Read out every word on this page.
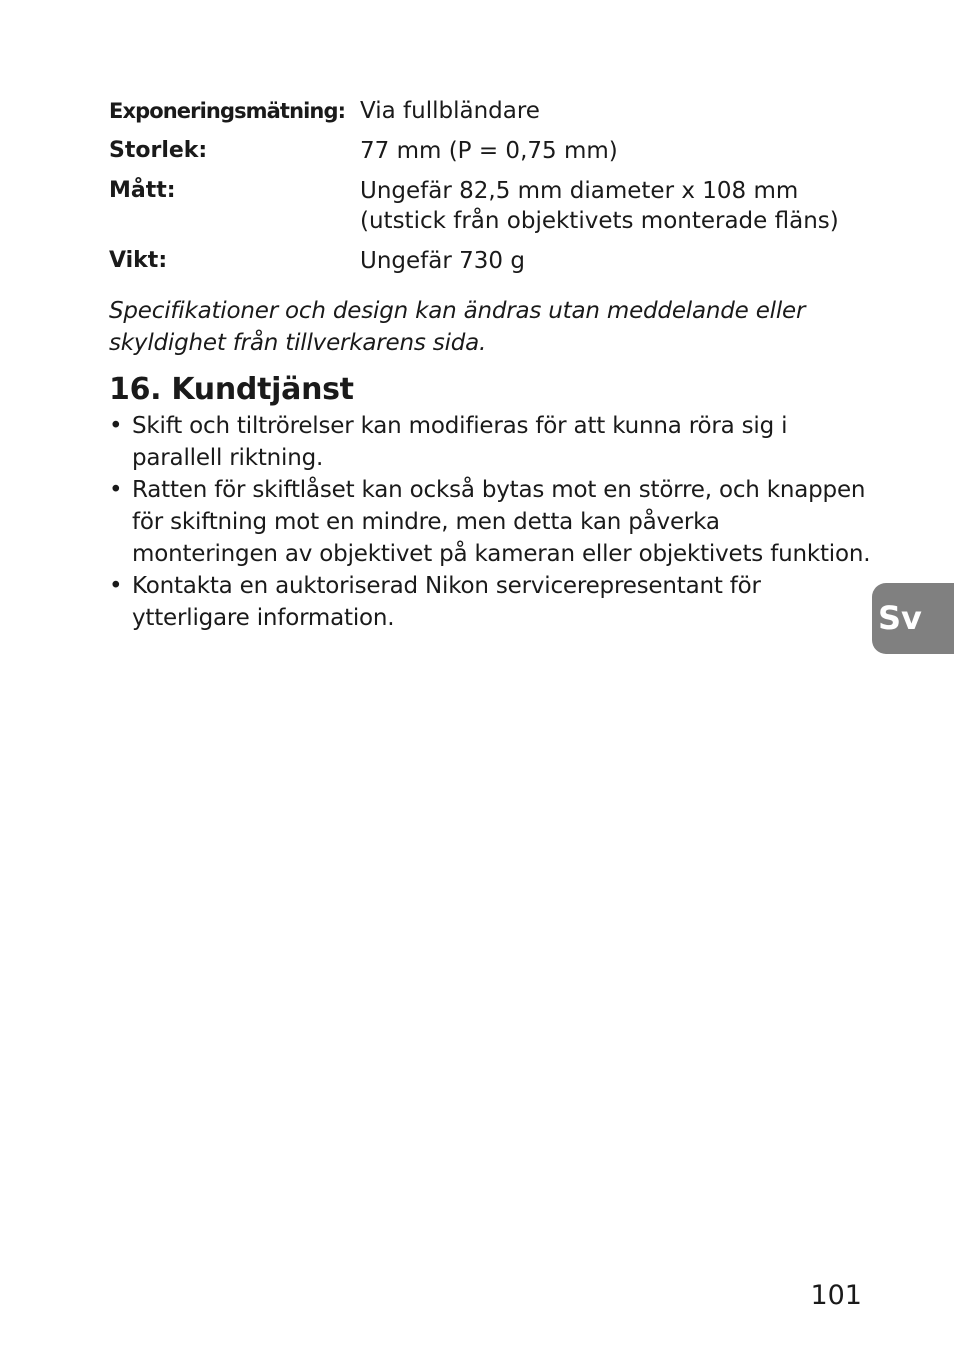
Exponeringsmätning: Via fullbländare
Storlek:	77 mm (P = 0,75 mm)
Mått:	Ungefär 82,5 mm diameter x 108 mm
(utstick från objektivets monterade fläns)
Vikt:	Ungefär 730 g

Specifikationer och design kan ändras utan meddelande eller
skyldighet från tillverkarens sida.

16. Kundtjänst
• Skift och tiltrörelser kan modifieras för att kunna röra sig i
parallell riktning.
• Ratten för skiftlåset kan också bytas mot en större, och knappen
för skiftning mot en mindre, men detta kan påverka
monteringen av objektivet på kameran eller objektivets funktion.
• Kontakta en auktoriserad Nikon servicerepresentant för
ytterligare information.	Sv
101
